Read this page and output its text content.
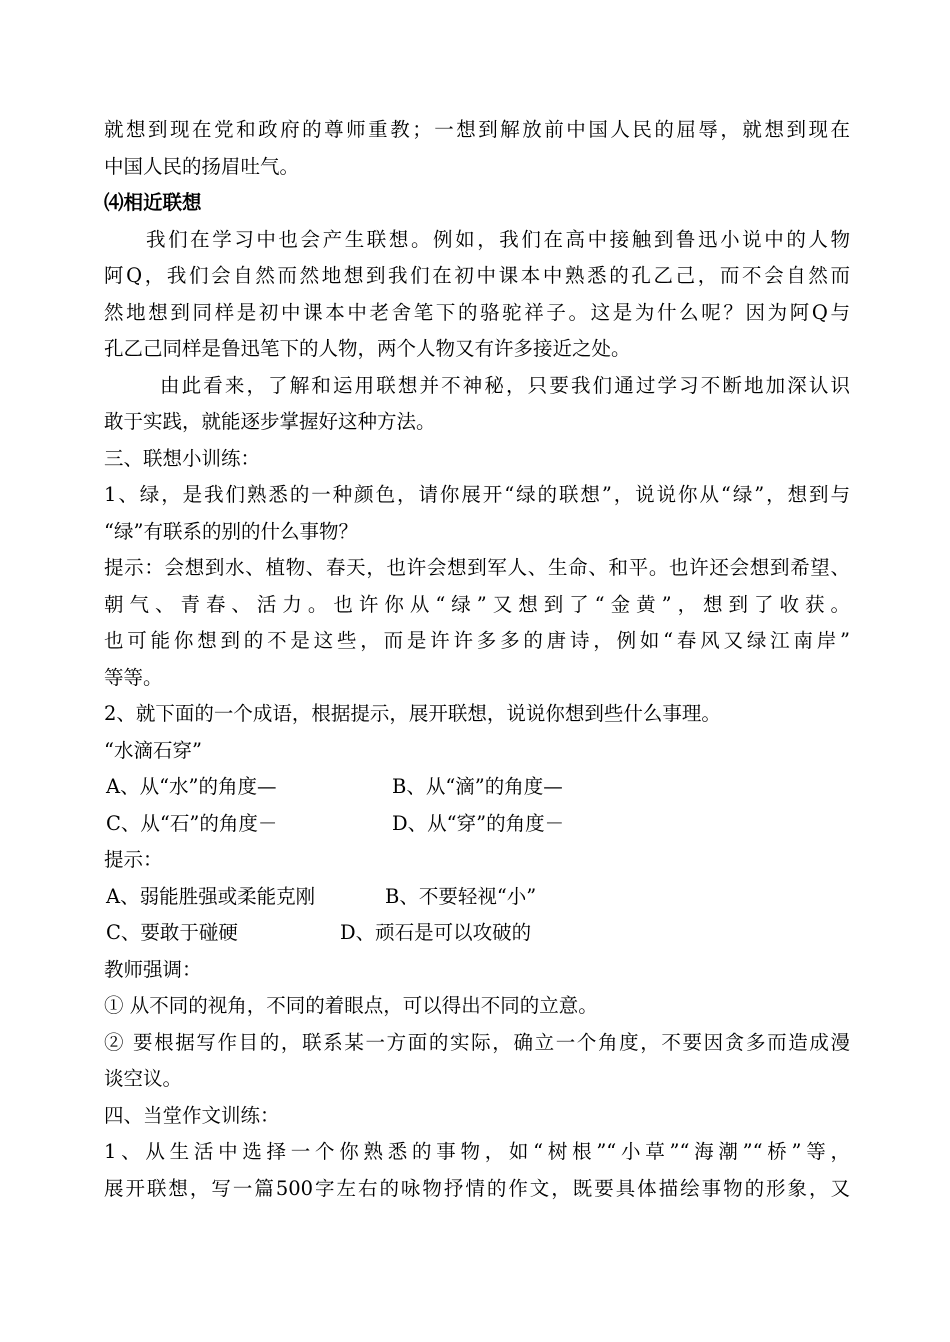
就想到现在党和政府的尊师重教；一想到解放前中国人民的屈辱，就想到现在
中国人民的扬眉吐气。
⑷相近联想
我们在学习中也会产生联想。例如，我们在高中接触到鲁迅小说中的人物
阿Q，我们会自然而然地想到我们在初中课本中熟悉的孔乙己，而不会自然而
然地想到同样是初中课本中老舍笔下的骆驼祥子。这是为什么呢？因为阿Q与
孔乙己同样是鲁迅笔下的人物，两个人物又有许多接近之处。
由此看来，了解和运用联想并不神秘，只要我们通过学习不断地加深认识
敢于实践，就能逐步掌握好这种方法。
三、联想小训练：
1、绿，是我们熟悉的一种颜色，请你展开“绿的联想”，说说你从“绿”，想到与
“绿”有联系的别的什么事物？
提示：会想到水、植物、春天，也许会想到军人、生命、和平。也许还会想到希望、
朝气、青春、活力。也许你从“绿”又想到了“金黄”，想到了收获。
也可能你想到的不是这些，而是许许多多的唐诗，例如“春风又绿江南岸”
等等。
2、就下面的一个成语，根据提示，展开联想，说说你想到些什么事理。
“水滴石穿”
A、从“水”的角度—	B、从“滴”的角度—
C、从“石”的角度－	D、从“穿”的角度－
提示：
A、弱能胜强或柔能克刚	B、不要轻视“小”
C、要敢于碰硬	D、顽石是可以攻破的
教师强调：
① 从不同的视角，不同的着眼点，可以得出不同的立意。
② 要根据写作目的，联系某一方面的实际，确立一个角度，不要因贪多而造成漫
谈空议。
四、当堂作文训练：
1、从生活中选择一个你熟悉的事物，如“树根”“小草”“海潮”“桥”等，
展开联想，写一篇500字左右的咏物抒情的作文，既要具体描绘事物的形象，又
